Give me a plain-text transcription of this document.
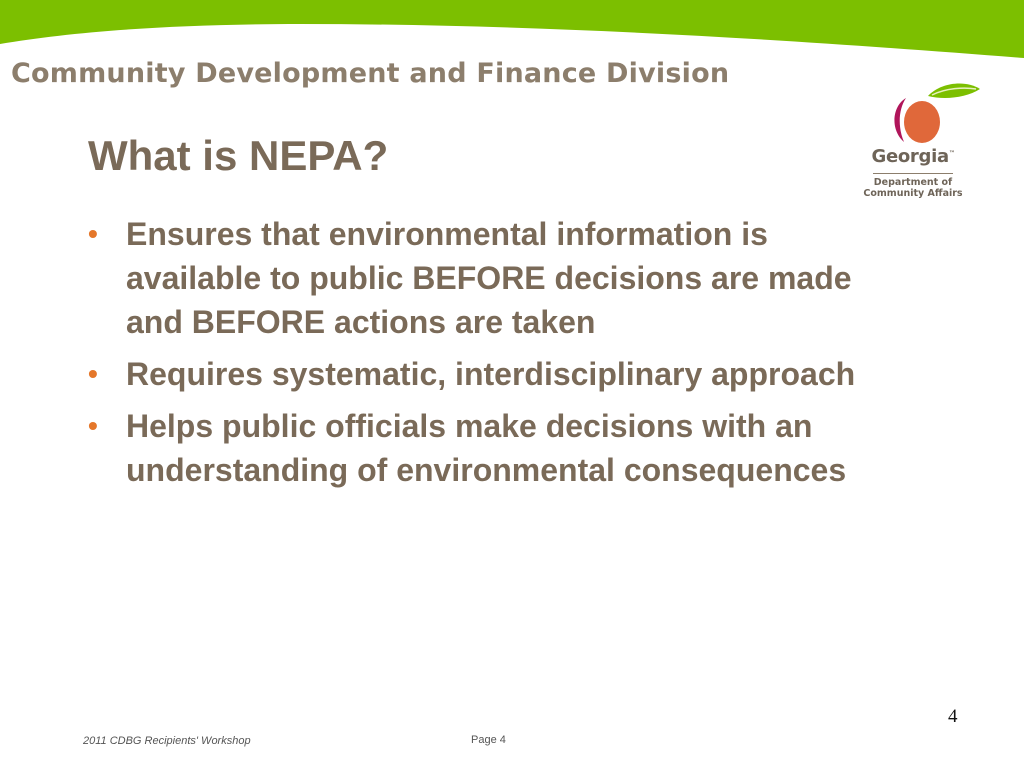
Community Development and Finance Division
What is NEPA?	Georgia™
Department of
Community Affairs
• Ensures that environmental information is available to public BEFORE decisions are made and BEFORE actions are taken
• Requires systematic, interdisciplinary approach
• Helps public officials make decisions with an understanding of environmental consequences
4
2011 CDBG Recipients' Workshop	Page 4
